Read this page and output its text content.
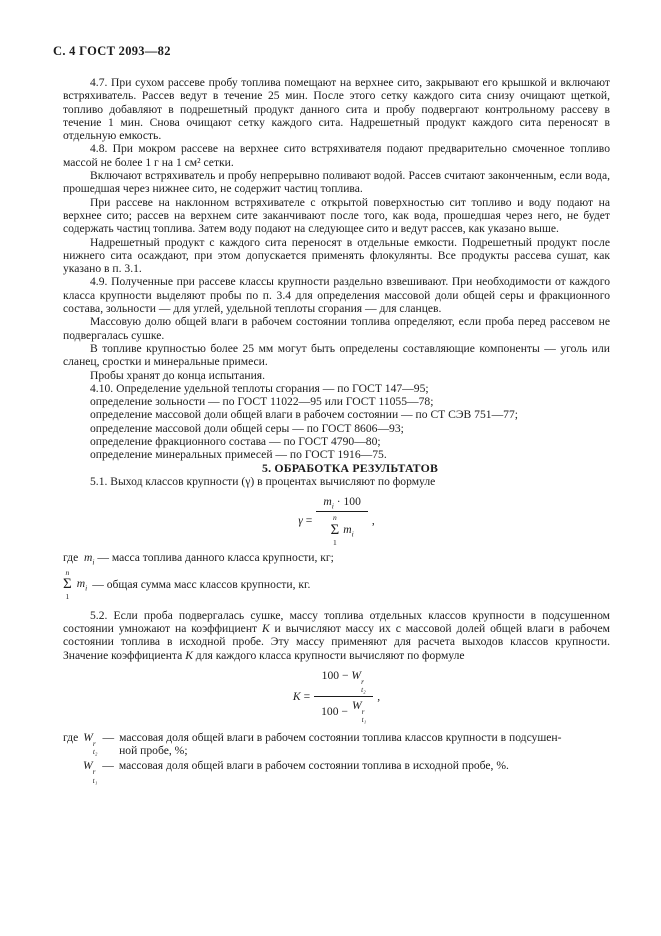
С. 4 ГОСТ 2093—82

4.7. При сухом рассеве пробу топлива помещают на верхнее сито, закрывают его крышкой и включают встряхиватель. Рассев ведут в течение 25 мин. После этого сетку каждого сита снизу очищают щеткой, топливо добавляют в подрешетный продукт данного сита и пробу подвергают контрольному рассеву в течение 1 мин. Снова очищают сетку каждого сита. Надрешетный продукт каждого сита переносят в отдельную емкость.

4.8. При мокром рассеве на верхнее сито встряхивателя подают предварительно смоченное топливо массой не более 1 г на 1 см² сетки.

Включают встряхиватель и пробу непрерывно поливают водой. Рассев считают законченным, если вода, прошедшая через нижнее сито, не содержит частиц топлива.

При рассеве на наклонном встряхивателе с открытой поверхностью сит топливо и воду подают на верхнее сито; рассев на верхнем сите заканчивают после того, как вода, прошедшая через него, не будет содержать частиц топлива. Затем воду подают на следующее сито и ведут рассев, как указано выше.

Надрешетный продукт с каждого сита переносят в отдельные емкости. Подрешетный продукт после нижнего сита осаждают, при этом допускается применять флокулянты. Все продукты рассева сушат, как указано в п. 3.1.

4.9. Полученные при рассеве классы крупности раздельно взвешивают. При необходимости от каждого класса крупности выделяют пробы по п. 3.4 для определения массовой доли общей серы и фракционного состава, зольности — для углей, удельной теплоты сгорания — для сланцев.

Массовую долю общей влаги в рабочем состоянии топлива определяют, если проба перед рассевом не подвергалась сушке.

В топливе крупностью более 25 мм могут быть определены составляющие компоненты — уголь или сланец, сростки и минеральные примеси.

Пробы хранят до конца испытания.

4.10. Определение удельной теплоты сгорания — по ГОСТ 147—95;

определение зольности — по ГОСТ 11022—95 или ГОСТ 11055—78;

определение массовой доли общей влаги в рабочем состоянии — по СТ СЭВ 751—77;

определение массовой доли общей серы — по ГОСТ 8606—93;

определение фракционного состава — по ГОСТ 4790—80;

определение минеральных примесей — по ГОСТ 1916—75.

5. ОБРАБОТКА РЕЗУЛЬТАТОВ

5.1. Выход классов крупности (γ) в процентах вычисляют по формуле

$\gamma = m_i \cdot 100$
n
Σ
1
$m_i$ ,

где $m_i$ — масса топлива данного класса крупности, кг;

n
Σ
1
$m_i$ — общая сумма масс классов крупности, кг.

5.2. Если проба подвергалась сушке, массу топлива отдельных классов крупности в подсушенном состоянии умножают на коэффициент К и вычисляют массу их с массовой долей общей влаги в рабочем состоянии топлива в исходной пробе. Эту массу применяют для расчета выходов классов крупности. Значение коэффициента К для каждого класса крупности вычисляют по формуле

К = 100 − W r
t₂
100 − W r
t₁ ,
где W r
t₂
— массовая доля общей влаги в рабочем состоянии топлива классов крупности в подсушен-
ной пробе, %;
W r
t₁
— массовая доля общей влаги в рабочем состоянии топлива в исходной пробе, %.
